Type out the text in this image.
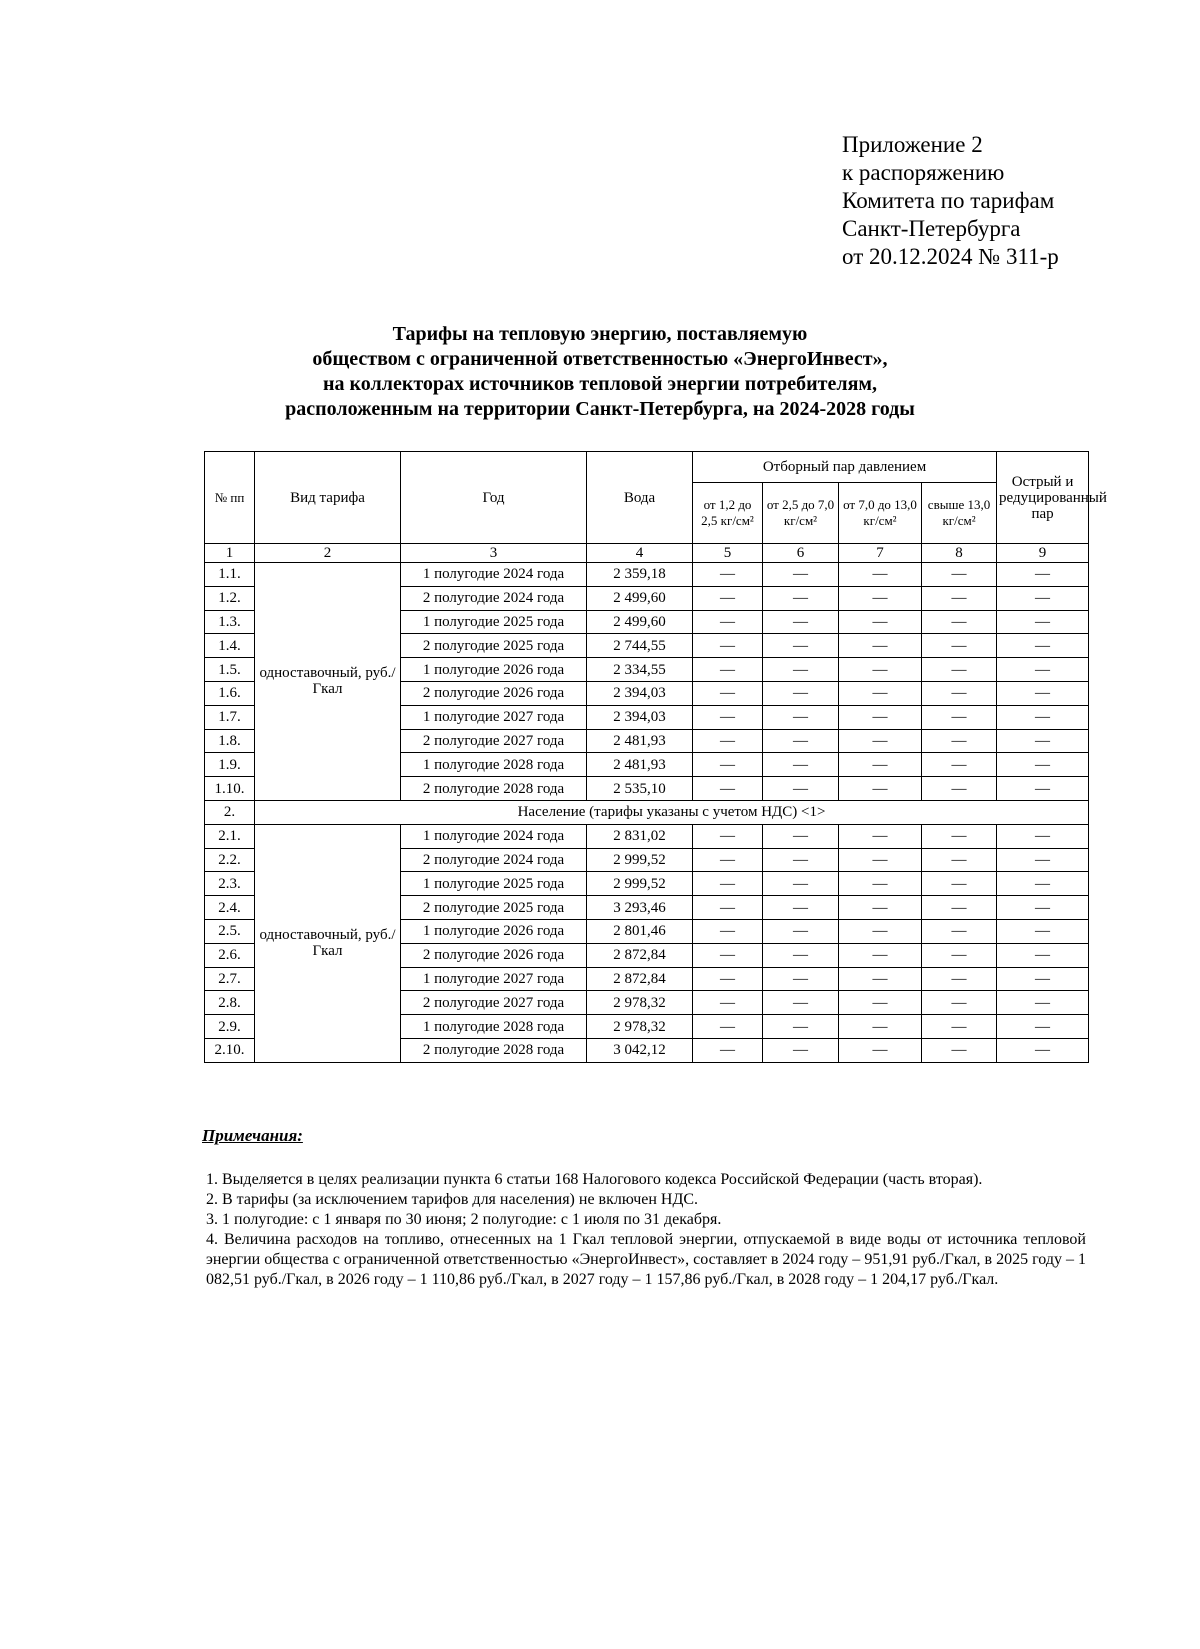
Приложение 2
к распоряжению
Комитета по тарифам
Санкт-Петербурга
от 20.12.2024 № 311-р
Тарифы на тепловую энергию, поставляемую
обществом с ограниченной ответственностью «ЭнергоИнвест»,
на коллекторах источников тепловой энергии потребителям,
расположенным на территории Санкт-Петербурга, на 2024-2028 годы
№ пп	Вид тарифа	Год	Вода	Отборный пар давлением				Острый и редуцированный пар
				от 1,2 до 2,5 кг/см²	от 2,5 до 7,0 кг/см²	от 7,0 до 13,0 кг/см²	свыше 13,0 кг/см²	
1	2	3	4	5	6	7	8	9
1.1.	одноставочный, руб./Гкал	1 полугодие 2024 года	2 359,18	—	—	—	—	—
1.2.		2 полугодие 2024 года	2 499,60	—	—	—	—	—
1.3.		1 полугодие 2025 года	2 499,60	—	—	—	—	—
1.4.		2 полугодие 2025 года	2 744,55	—	—	—	—	—
1.5.		1 полугодие 2026 года	2 334,55	—	—	—	—	—
1.6.		2 полугодие 2026 года	2 394,03	—	—	—	—	—
1.7.		1 полугодие 2027 года	2 394,03	—	—	—	—	—
1.8.		2 полугодие 2027 года	2 481,93	—	—	—	—	—
1.9.		1 полугодие 2028 года	2 481,93	—	—	—	—	—
1.10.		2 полугодие 2028 года	2 535,10	—	—	—	—	—
2.	Население (тарифы указаны с учетом НДС) <1>							
2.1.	одноставочный, руб./Гкал	1 полугодие 2024 года	2 831,02	—	—	—	—	—
2.2.		2 полугодие 2024 года	2 999,52	—	—	—	—	—
2.3.		1 полугодие 2025 года	2 999,52	—	—	—	—	—
2.4.		2 полугодие 2025 года	3 293,46	—	—	—	—	—
2.5.		1 полугодие 2026 года	2 801,46	—	—	—	—	—
2.6.		2 полугодие 2026 года	2 872,84	—	—	—	—	—
2.7.		1 полугодие 2027 года	2 872,84	—	—	—	—	—
2.8.		2 полугодие 2027 года	2 978,32	—	—	—	—	—
2.9.		1 полугодие 2028 года	2 978,32	—	—	—	—	—
2.10.		2 полугодие 2028 года	3 042,12	—	—	—	—	—
Примечания:

1. Выделяется в целях реализации пункта 6 статьи 168 Налогового кодекса Российской Федерации (часть вторая).

2. В тарифы (за исключением тарифов для населения) не включен НДС.

3. 1 полугодие: с 1 января по 30 июня; 2 полугодие: с 1 июля по 31 декабря.

4. Величина расходов на топливо, отнесенных на 1 Гкал тепловой энергии, отпускаемой в виде воды от источника тепловой энергии общества с ограниченной ответственностью «ЭнергоИнвест», составляет в 2024 году – 951,91 руб./Гкал, в 2025 году – 1 082,51 руб./Гкал, в 2026 году – 1 110,86 руб./Гкал, в 2027 году – 1 157,86 руб./Гкал, в 2028 году – 1 204,17 руб./Гкал.
